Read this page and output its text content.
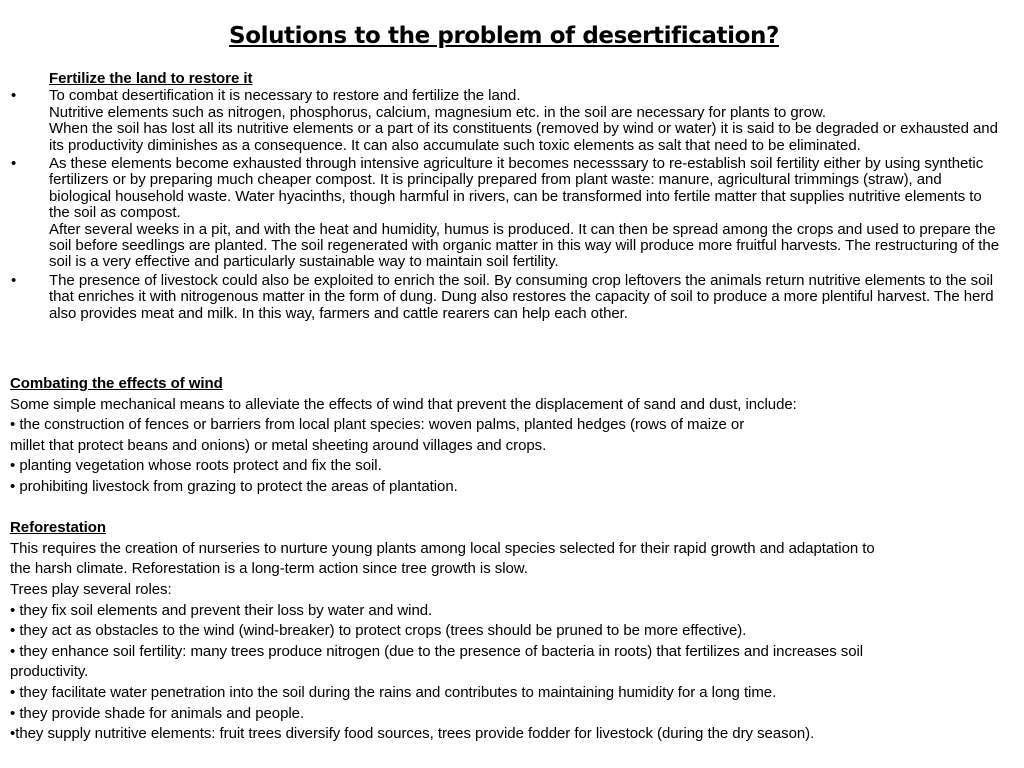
Solutions to the problem of desertification?
Fertilize the land to restore it
•	To combat desertification it is necessary to restore and fertilize the land.
Nutritive elements such as nitrogen, phosphorus, calcium, magnesium etc. in the soil are necessary for plants to grow.
When the soil has lost all its nutritive elements or a part of its constituents (removed by wind or water) it is said to be degraded or exhausted and its productivity diminishes as a consequence. It can also accumulate such toxic elements as salt that need to be eliminated.
•	As these elements become exhausted through intensive agriculture it becomes necesssary to re-establish soil fertility either by using synthetic fertilizers or by preparing much cheaper compost. It is principally prepared from plant waste: manure, agricultural trimmings (straw), and biological household waste. Water hyacinths, though harmful in rivers, can be transformed into fertile matter that supplies nutritive elements to the soil as compost.
After several weeks in a pit, and with the heat and humidity, humus is produced. It can then be spread among the crops and used to prepare the soil before seedlings are planted. The soil regenerated with organic matter in this way will produce more fruitful harvests. The restructuring of the soil is a very effective and particularly sustainable way to maintain soil fertility.
•	The presence of livestock could also be exploited to enrich the soil. By consuming crop leftovers the animals return nutritive elements to the soil that enriches it with nitrogenous matter in the form of dung. Dung also restores the capacity of soil to produce a more plentiful harvest. The herd also provides meat and milk. In this way, farmers and cattle rearers can help each other.
Combating the effects of wind
Some simple mechanical means to alleviate the effects of wind that prevent the displacement of sand and dust, include:
• the construction of fences or barriers from local plant species: woven palms, planted hedges (rows of maize or
millet that protect beans and onions) or metal sheeting around villages and crops.
• planting vegetation whose roots protect and fix the soil.
• prohibiting livestock from grazing to protect the areas of plantation.
Reforestation
This requires the creation of nurseries to nurture young plants among local species selected for their rapid growth and adaptation to
the harsh climate. Reforestation is a long-term action since tree growth is slow.
Trees play several roles:
• they fix soil elements and prevent their loss by water and wind.
• they act as obstacles to the wind (wind-breaker) to protect crops (trees should be pruned to be more effective).
• they enhance soil fertility: many trees produce nitrogen (due to the presence of bacteria in roots) that fertilizes and increases soil
productivity.
• they facilitate water penetration into the soil during the rains and contributes to maintaining humidity for a long time.
• they provide shade for animals and people.
•they supply nutritive elements: fruit trees diversify food sources, trees provide fodder for livestock (during the dry season).
